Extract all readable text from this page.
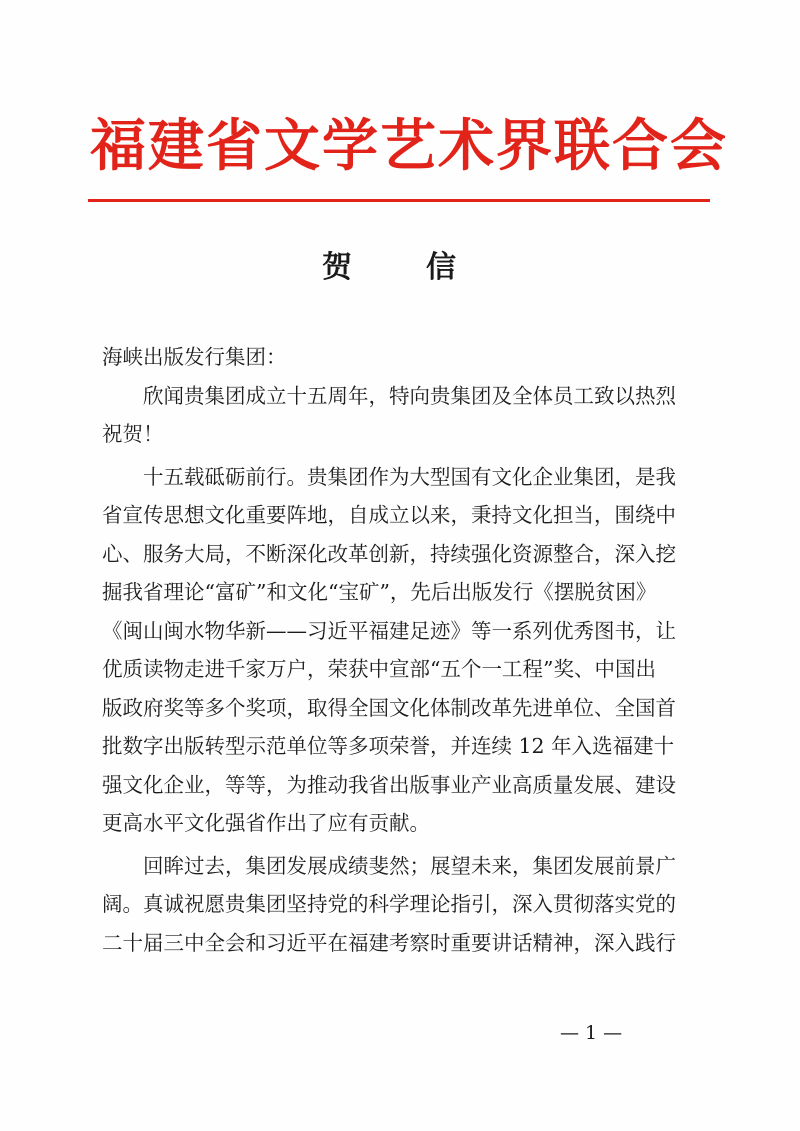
福建省文学艺术界联合会
贺　信
海峡出版发行集团：
欣闻贵集团成立十五周年，特向贵集团及全体员工致以热烈
祝贺！
十五载砥砺前行。贵集团作为大型国有文化企业集团，是我
省宣传思想文化重要阵地，自成立以来，秉持文化担当，围绕中
心、服务大局，不断深化改革创新，持续强化资源整合，深入挖
掘我省理论“富矿”和文化“宝矿”，先后出版发行《摆脱贫困》
《闽山闽水物华新——习近平福建足迹》等一系列优秀图书，让
优质读物走进千家万户，荣获中宣部“五个一工程”奖、中国出
版政府奖等多个奖项，取得全国文化体制改革先进单位、全国首
批数字出版转型示范单位等多项荣誉，并连续 12 年入选福建十
强文化企业，等等，为推动我省出版事业产业高质量发展、建设
更高水平文化强省作出了应有贡献。
回眸过去，集团发展成绩斐然；展望未来，集团发展前景广
阔。真诚祝愿贵集团坚持党的科学理论指引，深入贯彻落实党的
二十届三中全会和习近平在福建考察时重要讲话精神，深入践行
— 1 —
